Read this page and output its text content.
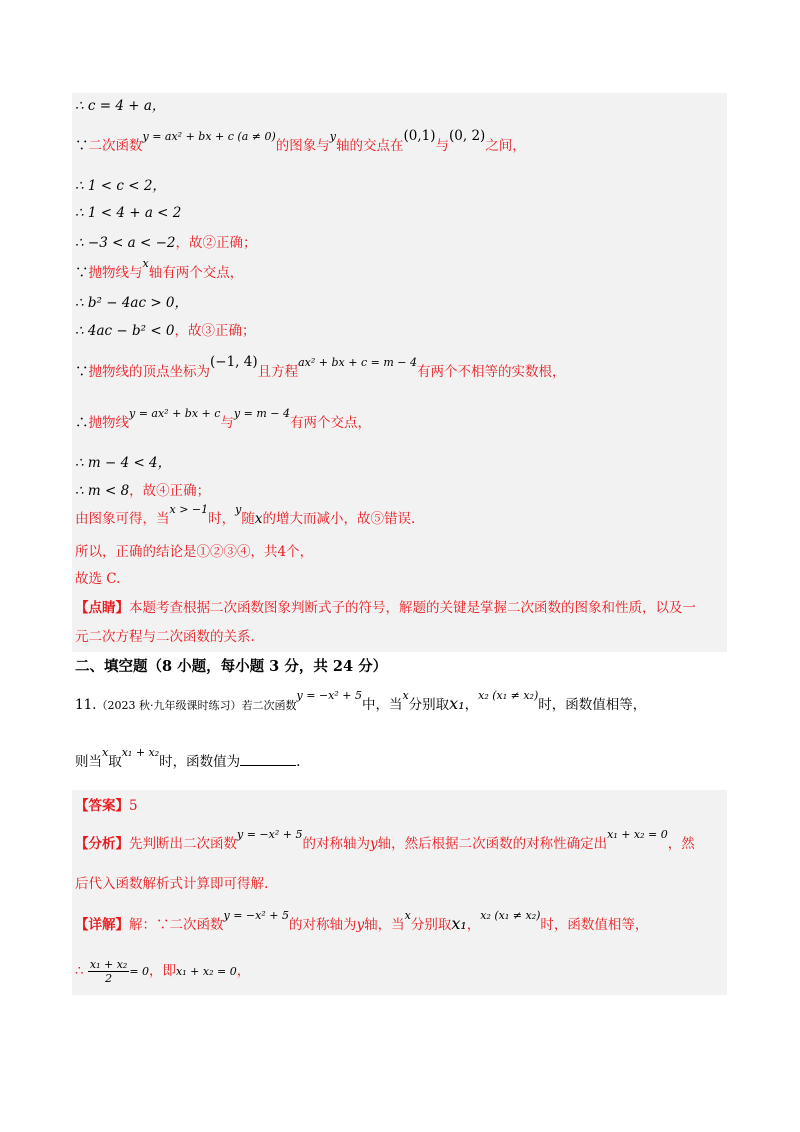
∴ c = 4 + a，
∵二次函数$^{y = ax^2 + bx + c (a \ne 0)}$的图象与$^y$轴的交点在(0,1)与(0, 2)之间，
∴ 1 < c < 2，
∴ 1 < 4 + a < 2
∴ −3 < a < −2，故②正确；
∵抛物线与$^x$轴有两个交点，
∴ b² − 4ac > 0，
∴ 4ac − b² < 0，故③正确；
∵抛物线的顶点坐标为(−1, 4)且方程$^{ax^2 + bx + c = m - 4}$有两个不相等的实数根，
∴抛物线$^{y = ax^2 + bx + c}$与$^{y = m - 4}$有两个交点，
∴ m − 4 < 4，
∴ m < 8，故④正确；
由图象可得，当$^{x > -1}$时，$^y$随x的增大而减小，故⑤错误.
所以，正确的结论是①②③④，共4个，
故选 C.
【点睛】本题考查根据二次函数图象判断式子的符号，解题的关键是掌握二次函数的图象和性质，以及一
元二次方程与二次函数的关系.
二、填空题（8 小题，每小题 3 分，共 24 分）
11.（2023 秋·九年级课时练习）若二次函数$^{y = -x^2 + 5}$中，当$^x$分别取x₁，$^{x_2 (x_1 \ne x_2)}$时，函数值相等，
则当$^x$取$^{x_1 + x_2}$时，函数值为	.
【答案】5
【分析】先判断出二次函数$^{y = -x^2 + 5}$的对称轴为y轴，然后根据二次函数的对称性确定出$^{x_1 + x_2 = 0}$，然
后代入函数解析式计算即可得解.
【详解】解：∵二次函数$^{y = -x^2 + 5}$的对称轴为y轴，当$^x$分别取x₁，$^{x_2 (x_1 \ne x_2)}$时，函数值相等，
∴ $\frac{\text{x₁ + x₂}}{2} = 0$，即x₁ + x₂ = 0，
